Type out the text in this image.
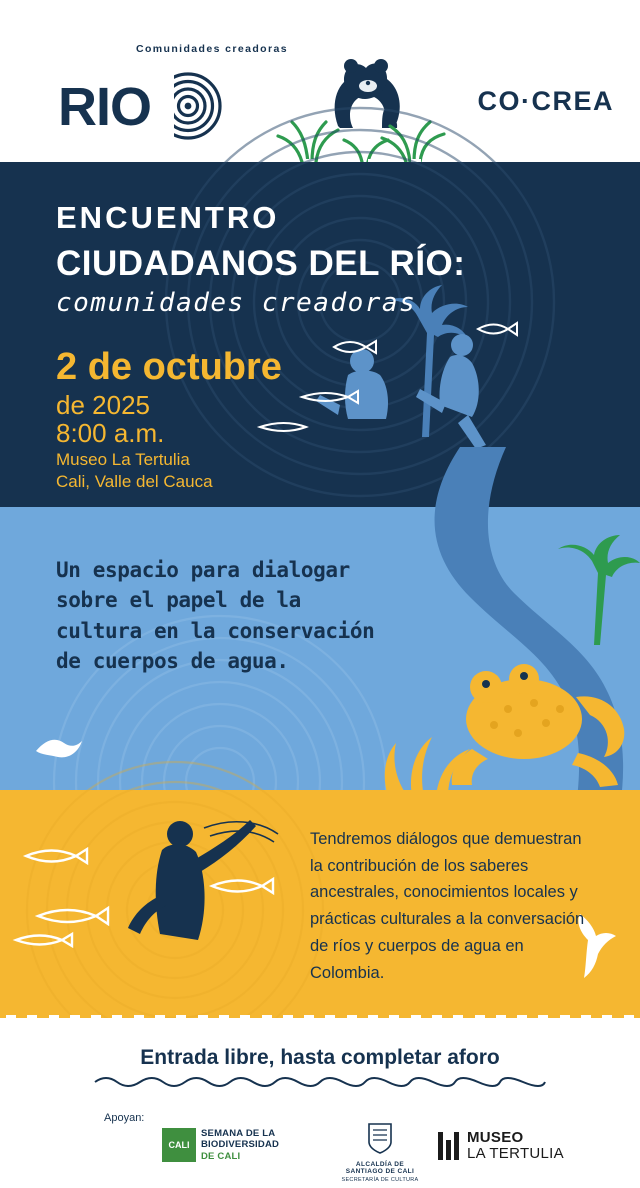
RIO
Comunidades creadoras
CO·CREA
ENCUENTRO
CIUDADANOS DEL RÍO:
comunidades creadoras
2 de octubre
de 2025
8:00 a.m.
Museo La Tertulia
Cali, Valle del Cauca
Un espacio para dialogar sobre el papel de la cultura en la conservación de cuerpos de agua.
Tendremos diálogos que demuestran la contribución de los saberes ancestrales, conocimientos locales y prácticas culturales a la conversación de ríos y cuerpos de agua en Colombia.
Entrada libre, hasta completar aforo
Apoyan:
CALI
SEMANA DE LA
BIODIVERSIDAD
DE CALI
ALCALDÍA DE
SANTIAGO DE CALI
SECRETARÍA DE CULTURA
MUSEO
LA TERTULIA
